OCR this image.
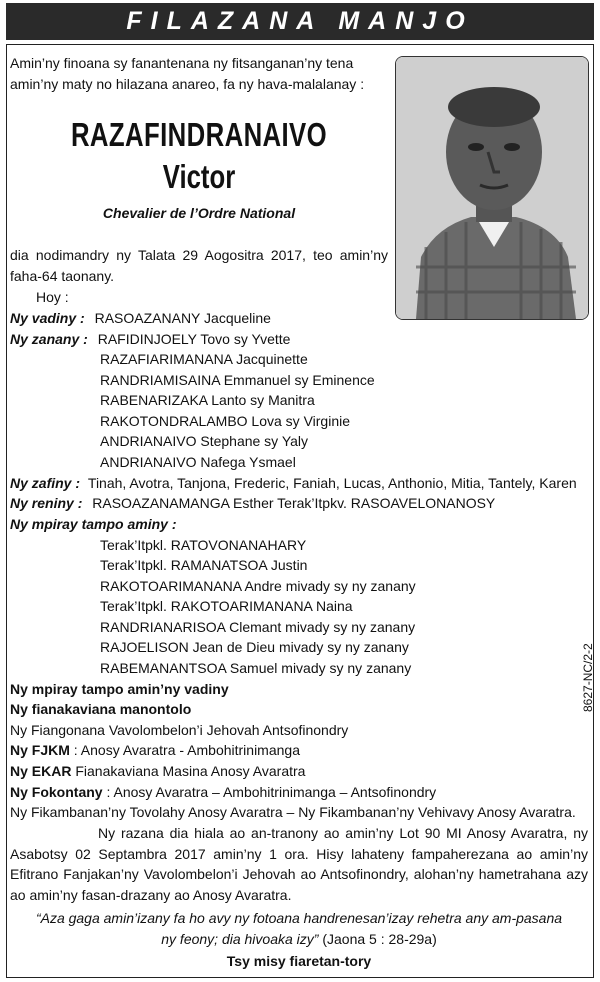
FILAZANA MANJO

Amin’ny finoana sy fanantenana ny fitsanganan’ny tena amin’ny maty no hilazana anareo, fa ny hava-malalanay :

RAZAFINDRANAIVO
Victor
Chevalier de l’Ordre National

dia nodimandry ny Talata 29 Aogositra 2017, teo amin’ny faha-64 taonany.

Hoy :
Ny vadiny : RASOAZANANY Jacqueline
Ny zanany : RAFIDINJOELY Tovo sy Yvette
RAZAFIARIMANANA Jacquinette
RANDRIAMISAINA Emmanuel sy Eminence
RABENARIZAKA Lanto sy Manitra
RAKOTONDRALAMBO Lova sy Virginie
ANDRIANAIVO Stephane sy Yaly
ANDRIANAIVO Nafega Ysmael
Ny zafiny : Tinah, Avotra, Tanjona, Frederic, Faniah, Lucas, Anthonio, Mitia, Tantely, Karen
Ny reniny : RASOAZANAMANGA Esther Terak’Itpkv. RASOAVELONANOSY
Ny mpiray tampo aminy :
Terak’Itpkl. RATOVONANAHARY
Terak’Itpkl. RAMANATSOA Justin
RAKOTOARIMANANA Andre mivady sy ny zanany
Terak’Itpkl. RAKOTOARIMANANA Naina
RANDRIANARISOA Clemant mivady sy ny zanany
RAJOELISON Jean de Dieu mivady sy ny zanany
RABEMANANTSOA Samuel mivady sy ny zanany
Ny mpiray tampo amin’ny vadiny
Ny fianakaviana manontolo
Ny Fiangonana Vavolombelon’i Jehovah Antsofinondry
Ny FJKM : Anosy Avaratra - Ambohitrinimanga
Ny EKAR Fianakaviana Masina Anosy Avaratra
Ny Fokontany : Anosy Avaratra – Ambohitrinimanga – Antsofinondry
Ny Fikambanan’ny Tovolahy Anosy Avaratra – Ny Fikambanan’ny Vehivavy Anosy Avaratra.

Ny razana dia hiala ao an-tranony ao amin’ny Lot 90 MI Anosy Avaratra, ny Asabotsy 02 Septambra 2017 amin’ny 1 ora. Hisy lahateny fampaherezana ao amin’ny Efitrano Fanjakan’ny Vavolombelon’i Jehovah ao Antsofinondry, alohan’ny hametrahana azy ao amin’ny fasan-drazany ao Anosy Avaratra.

“Aza gaga amin’izany fa ho avy ny fotoana handrenesan’izay rehetra any am-pasana
ny feony; dia hivoaka izy” (Jaona 5 : 28-29a)

Tsy misy fiaretan-tory
8627-NC/2-2
